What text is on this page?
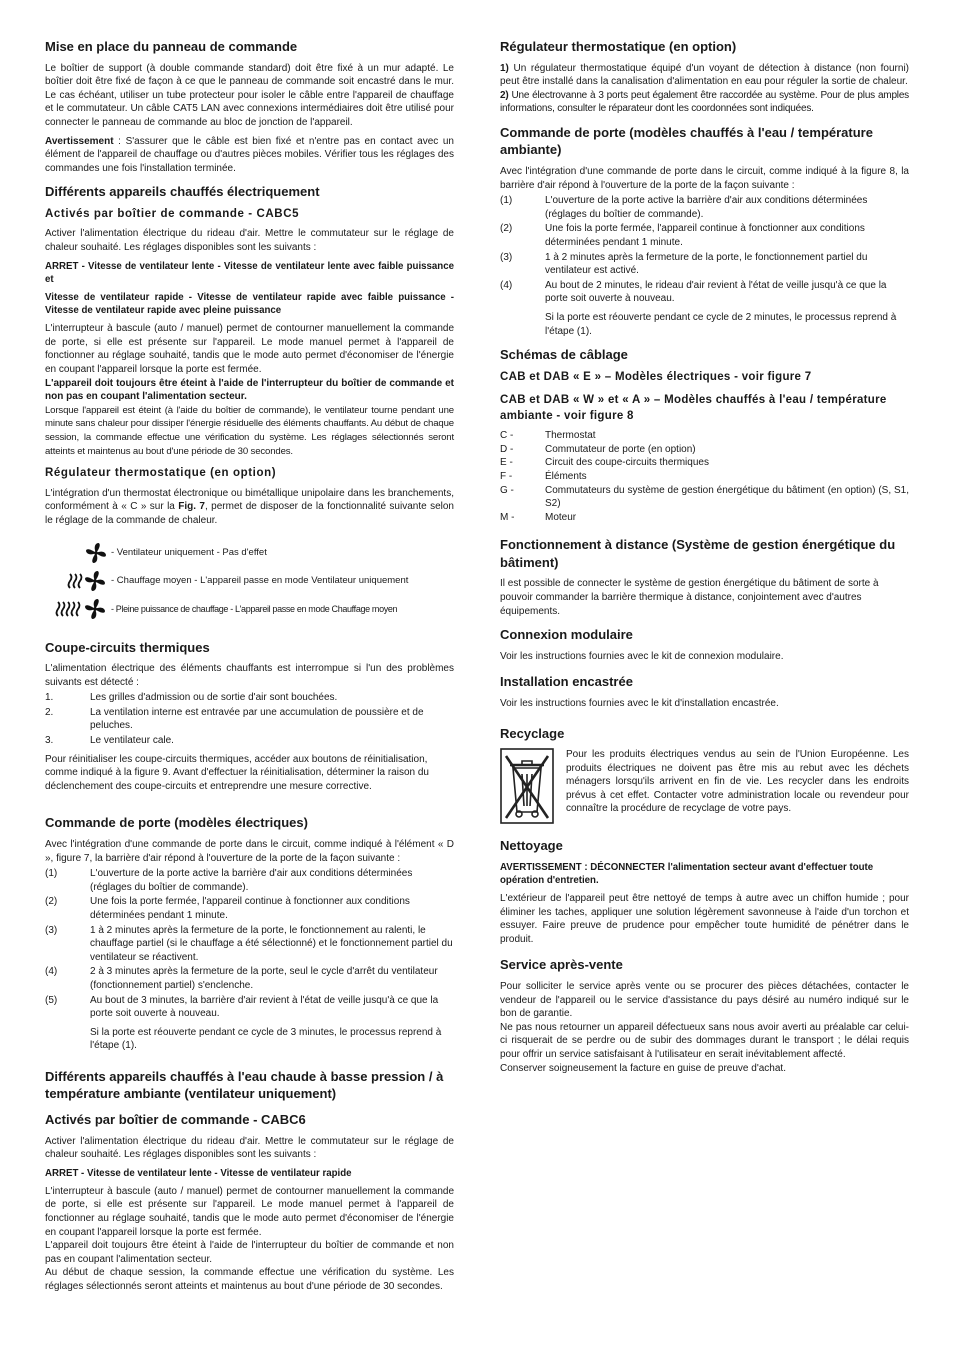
Mise en place du panneau de commande

Le boîtier de support (à double commande standard) doit être fixé à un mur adapté. Le boîtier doit être fixé de façon à ce que le panneau de commande soit encastré dans le mur. Le cas échéant, utiliser un tube protecteur pour isoler le câble entre l'appareil de chauffage et le commutateur. Un câble CAT5 LAN avec connexions intermédiaires doit être utilisé pour connecter le panneau de commande au bloc de jonction de l'appareil.

Avertissement : S'assurer que le câble est bien fixé et n'entre pas en contact avec un élément de l'appareil de chauffage ou d'autres pièces mobiles. Vérifier tous les réglages des commandes une fois l'installation terminée.

Différents appareils chauffés électriquement
Activés par boîtier de commande - CABC5

Activer l'alimentation électrique du rideau d'air. Mettre le commutateur sur le réglage de chaleur souhaité. Les réglages disponibles sont les suivants :

ARRET - Vitesse de ventilateur lente - Vitesse de ventilateur lente avec faible puissance et

Vitesse de ventilateur rapide - Vitesse de ventilateur rapide avec faible puissance - Vitesse de ventilateur rapide avec pleine puissance

L'interrupteur à bascule (auto / manuel) permet de contourner manuellement la commande de porte, si elle est présente sur l'appareil. Le mode manuel permet à l'appareil de fonctionner au réglage souhaité, tandis que le mode auto permet d'économiser de l'énergie en coupant l'appareil lorsque la porte est fermée.
L'appareil doit toujours être éteint à l'aide de l'interrupteur du boîtier de commande et non pas en coupant l'alimentation secteur.
Lorsque l'appareil est éteint (à l'aide du boîtier de commande), le ventilateur tourne pendant une minute sans chaleur pour dissiper l'énergie résiduelle des éléments chauffants. Au début de chaque session, la commande effectue une vérification du système. Les réglages sélectionnés seront atteints et maintenus au bout d'une période de 30 secondes.

Régulateur thermostatique (en option)

L'intégration d'un thermostat électronique ou bimétallique unipolaire dans les branchements, conformément à « C » sur la Fig. 7, permet de disposer de la fonctionnalité suivante selon le réglage de la commande de chaleur.

- Ventilateur uniquement - Pas d'effet
- Chauffage moyen - L'appareil passe en mode Ventilateur uniquement
- Pleine puissance de chauffage - L'appareil passe en mode Chauffage moyen
Coupe-circuits thermiques

L'alimentation électrique des éléments chauffants est interrompue si l'un des problèmes suivants est détecté :

1.	Les grilles d'admission ou de sortie d'air sont bouchées.
2.	La ventilation interne est entravée par une accumulation de poussière et de peluches.
3.	Le ventilateur cale.

Pour réinitialiser les coupe-circuits thermiques, accéder aux boutons de réinitialisation, comme indiqué à la figure 9. Avant d'effectuer la réinitialisation, déterminer la raison du déclenchement des coupe-circuits et entreprendre une mesure corrective.

Commande de porte (modèles électriques)

Avec l'intégration d'une commande de porte dans le circuit, comme indiqué à l'élément « D », figure 7, la barrière d'air répond à l'ouverture de la porte de la façon suivante :

(1)	L'ouverture de la porte active la barrière d'air aux conditions déterminées (réglages du boîtier de commande).
(2)	Une fois la porte fermée, l'appareil continue à fonctionner aux conditions déterminées pendant 1 minute.
(3)	1 à 2 minutes après la fermeture de la porte, le fonctionnement au ralenti, le chauffage partiel (si le chauffage a été sélectionné) et le fonctionnement partiel du ventilateur se réactivent.
(4)	2 à 3 minutes après la fermeture de la porte, seul le cycle d'arrêt du ventilateur (fonctionnement partiel) s'enclenche.
(5)	Au bout de 3 minutes, la barrière d'air revient à l'état de veille jusqu'à ce que la porte soit ouverte à nouveau.
Si la porte est réouverte pendant ce cycle de 3 minutes, le processus reprend à l'étape (1).
Différents appareils chauffés à l'eau chaude à basse pression / à température ambiante (ventilateur uniquement)
Activés par boîtier de commande - CABC6

Activer l'alimentation électrique du rideau d'air. Mettre le commutateur sur le réglage de chaleur souhaité. Les réglages disponibles sont les suivants :

ARRET - Vitesse de ventilateur lente - Vitesse de ventilateur rapide

L'interrupteur à bascule (auto / manuel) permet de contourner manuellement la commande de porte, si elle est présente sur l'appareil. Le mode manuel permet à l'appareil de fonctionner au réglage souhaité, tandis que le mode auto permet d'économiser de l'énergie en coupant l'appareil lorsque la porte est fermée.
L'appareil doit toujours être éteint à l'aide de l'interrupteur du boîtier de commande et non pas en coupant l'alimentation secteur.
Au début de chaque session, la commande effectue une vérification du système. Les réglages sélectionnés seront atteints et maintenus au bout d'une période de 30 secondes.

Régulateur thermostatique (en option)

1) Un régulateur thermostatique équipé d'un voyant de détection à distance (non fourni) peut être installé dans la canalisation d'alimentation en eau pour réguler la sortie de chaleur.

2) Une électrovanne à 3 ports peut également être raccordée au système. Pour de plus amples informations, consulter le réparateur dont les coordonnées sont indiquées.

Commande de porte (modèles chauffés à l'eau / température ambiante)

Avec l'intégration d'une commande de porte dans le circuit, comme indiqué à la figure 8, la barrière d'air répond à l'ouverture de la porte de la façon suivante :

(1)	L'ouverture de la porte active la barrière d'air aux conditions déterminées (réglages du boîtier de commande).
(2)	Une fois la porte fermée, l'appareil continue à fonctionner aux conditions déterminées pendant 1 minute.
(3)	1 à 2 minutes après la fermeture de la porte, le fonctionnement partiel du ventilateur est activé.
(4)	Au bout de 2 minutes, le rideau d'air revient à l'état de veille jusqu'à ce que la porte soit ouverte à nouveau.
Si la porte est réouverte pendant ce cycle de 2 minutes, le processus reprend à l'étape (1).
Schémas de câblage
CAB et DAB « E » – Modèles électriques - voir figure 7
CAB et DAB « W » et « A » – Modèles chauffés à l'eau / température ambiante - voir figure 8
C -	Thermostat
D -	Commutateur de porte (en option)
E -	Circuit des coupe-circuits thermiques
F -	Éléments
G -	Commutateurs du système de gestion énergétique du bâtiment (en option) (S, S1, S2)
M -	Moteur
Fonctionnement à distance (Système de gestion énergétique du bâtiment)

Il est possible de connecter le système de gestion énergétique du bâtiment de sorte à pouvoir commander la barrière thermique à distance, conjointement avec d'autres équipements.

Connexion modulaire

Voir les instructions fournies avec le kit de connexion modulaire.

Installation encastrée

Voir les instructions fournies avec le kit d'installation encastrée.

Recyclage

Pour les produits électriques vendus au sein de l'Union Européenne. Les produits électriques ne doivent pas être mis au rebut avec les déchets ménagers lorsqu'ils arrivent en fin de vie. Les recycler dans les endroits prévus à cet effet. Contacter votre administration locale ou revendeur pour connaître la procédure de recyclage de votre pays.

Nettoyage

AVERTISSEMENT : DÉCONNECTER l'alimentation secteur avant d'effectuer toute opération d'entretien.

L'extérieur de l'appareil peut être nettoyé de temps à autre avec un chiffon humide ; pour éliminer les taches, appliquer une solution légèrement savonneuse à l'aide d'un torchon et essuyer. Faire preuve de prudence pour empêcher toute humidité de pénétrer dans le produit.

Service après-vente

Pour solliciter le service après vente ou se procurer des pièces détachées, contacter le vendeur de l'appareil ou le service d'assistance du pays désiré au numéro indiqué sur le bon de garantie.
Ne pas nous retourner un appareil défectueux sans nous avoir averti au préalable car celui-ci risquerait de se perdre ou de subir des dommages durant le transport ; le délai requis pour offrir un service satisfaisant à l'utilisateur en serait inévitablement affecté.
Conserver soigneusement la facture en guise de preuve d'achat.
